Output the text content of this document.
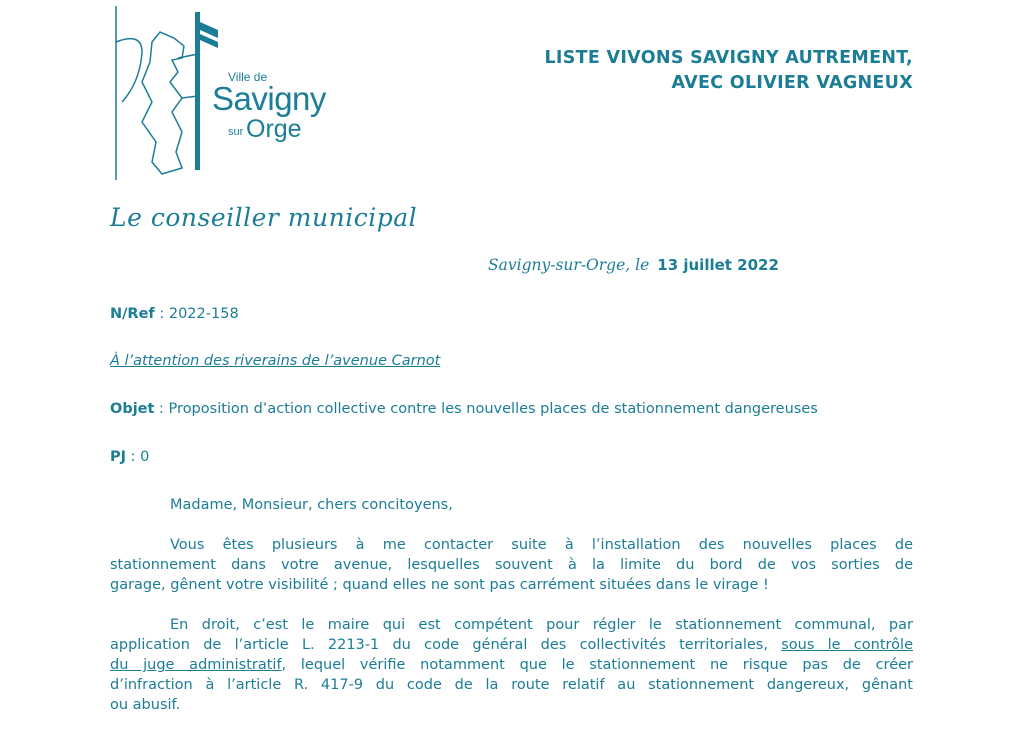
Ville de
Savigny
sur Orge
LISTE VIVONS SAVIGNY AUTREMENT,
AVEC OLIVIER VAGNEUX
Le conseiller municipal
Savigny-sur-Orge, le 13 juillet 2022
N/Ref : 2022-158
À l’attention des riverains de l’avenue Carnot
Objet : Proposition d’action collective contre les nouvelles places de stationnement dangereuses
PJ : 0
Madame, Monsieur, chers concitoyens,
Vous êtes plusieurs à me contacter suite à l’installation des nouvelles places de
stationnement dans votre avenue, lesquelles souvent à la limite du bord de vos sorties de
garage, gênent votre visibilité ; quand elles ne sont pas carrément situées dans le virage !
En droit, c’est le maire qui est compétent pour régler le stationnement communal, par
application de l’article L. 2213-1 du code général des collectivités territoriales, sous le contrôle
du juge administratif, lequel vérifie notamment que le stationnement ne risque pas de créer
d’infraction à l’article R. 417-9 du code de la route relatif au stationnement dangereux, gênant
ou abusif.
